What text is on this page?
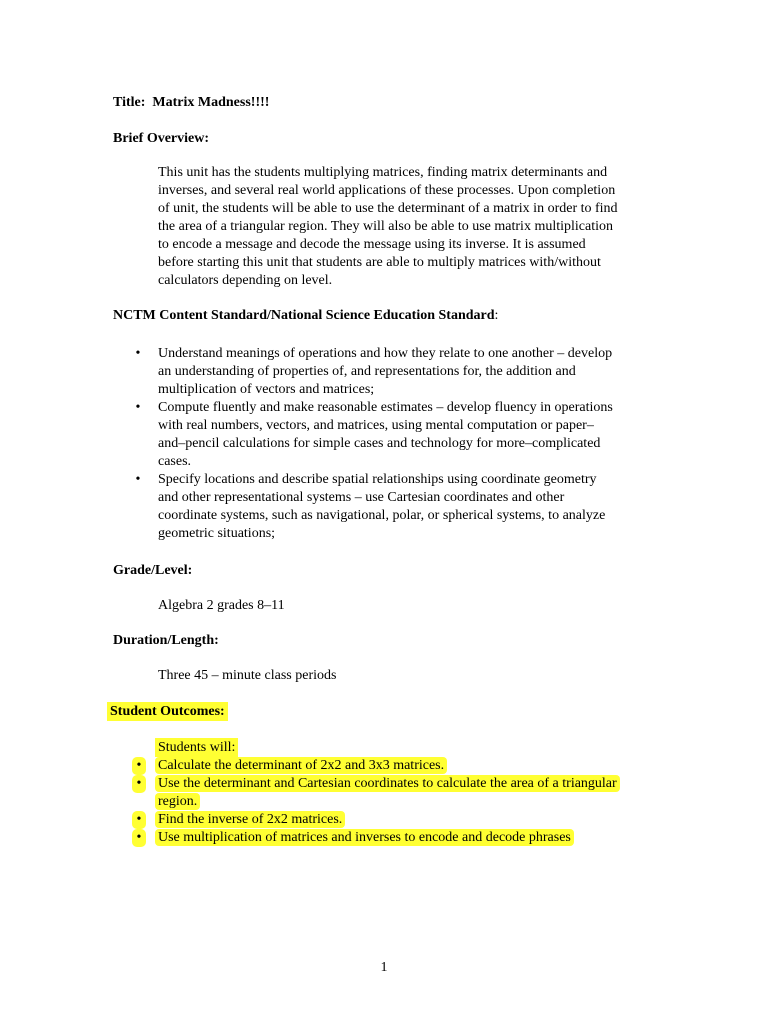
Title: Matrix Madness!!!!
Brief Overview:
This unit has the students multiplying matrices, finding matrix determinants and
inverses, and several real world applications of these processes. Upon completion
of unit, the students will be able to use the determinant of a matrix in order to find
the area of a triangular region. They will also be able to use matrix multiplication
to encode a message and decode the message using its inverse. It is assumed
before starting this unit that students are able to multiply matrices with/without
calculators depending on level.
NCTM Content Standard/National Science Education Standard:
• Understand meanings of operations and how they relate to one another – develop
an understanding of properties of, and representations for, the addition and
multiplication of vectors and matrices;
• Compute fluently and make reasonable estimates – develop fluency in operations
with real numbers, vectors, and matrices, using mental computation or paper–
and–pencil calculations for simple cases and technology for more–complicated
cases.
• Specify locations and describe spatial relationships using coordinate geometry
and other representational systems – use Cartesian coordinates and other
coordinate systems, such as navigational, polar, or spherical systems, to analyze
geometric situations;
Grade/Level:
Algebra 2 grades 8–11
Duration/Length:
Three 45 – minute class periods
Student Outcomes:
Students will:
•	Calculate the determinant of 2x2 and 3x3 matrices.
•	Use the determinant and Cartesian coordinates to calculate the area of a triangular
region.
•	Find the inverse of 2x2 matrices.
•	Use multiplication of matrices and inverses to encode and decode phrases
1
